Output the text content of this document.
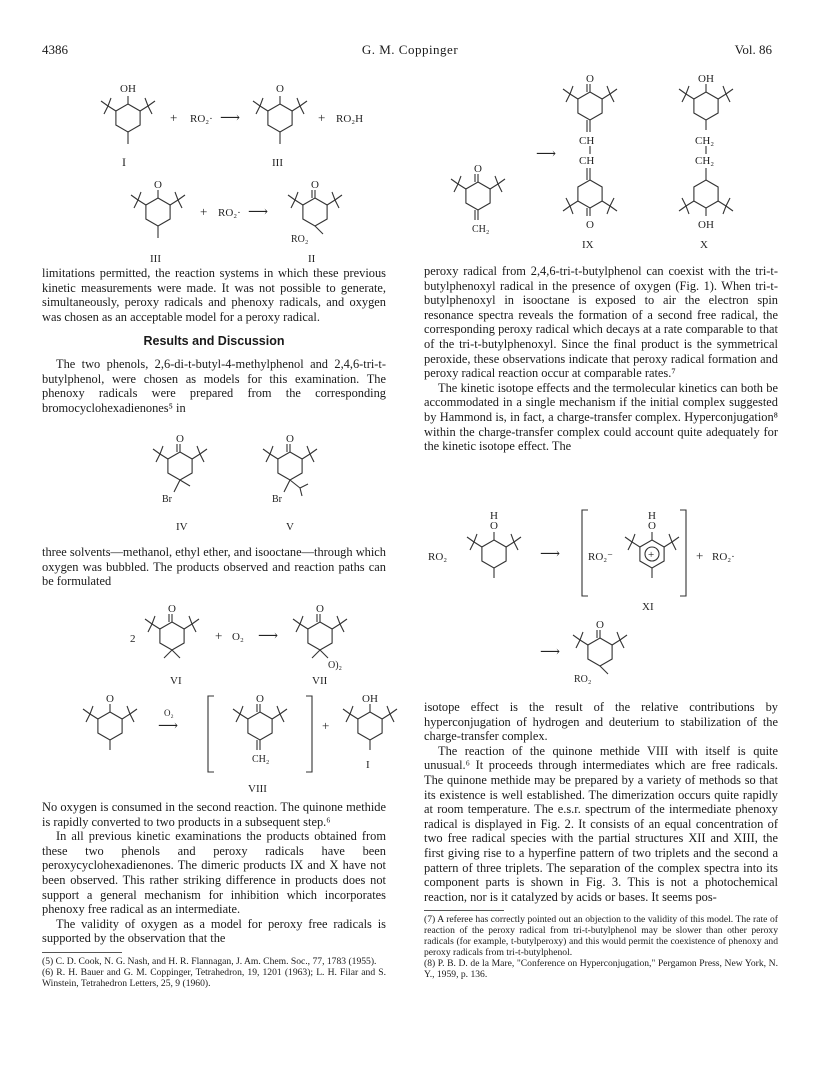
4386	G. M. Coppinger	Vol. 86
OH
+ RO₂· ⟶
O
+ RO₂H
I	III
O
+ RO₂· ⟶
O
RO₂
III	II

limitations permitted, the reaction systems in which these previous kinetic measurements were made. It was not possible to generate, simultaneously, peroxy radicals and phenoxy radicals, and oxygen was chosen as an acceptable model for a peroxy radical.

Results and Discussion

The two phenols, 2,6-di-t-butyl-4-methylphenol and 2,4,6-tri-t-butylphenol, were chosen as models for this examination. The phenoxy radicals were prepared from the corresponding bromocyclohexadienones⁵ in

O
Br
O
Br
IV	V

three solvents—methanol, ethyl ether, and isooctane—through which oxygen was bubbled. The products observed and reaction paths can be formulated

2
O
+ O₂ ⟶
O
O)₂
VI	VII
O
O₂
⟶
O
CH₂
+
OH
I
VIII

No oxygen is consumed in the second reaction. The quinone methide is rapidly converted to two products in a subsequent step.⁶

In all previous kinetic examinations the products obtained from these two phenols and peroxy radicals have been peroxycyclohexadienones. The dimeric products IX and X have not been observed. This rather striking difference in products does not support a general mechanism for inhibition which incorporates phenoxy free radical as an intermediate.

The validity of oxygen as a model for peroxy free radicals is supported by the observation that the

(5) C. D. Cook, N. G. Nash, and H. R. Flannagan, J. Am. Chem. Soc., 77, 1783 (1955).
(6) R. H. Bauer and G. M. Coppinger, Tetrahedron, 19, 1201 (1963); L. H. Filar and S. Winstein, Tetrahedron Letters, 25, 9 (1960).
O
CH₂
⟶
O
CH
CH
O
OH
CH₂
CH₂
OH
IX	X

peroxy radical from 2,4,6-tri-t-butylphenol can coexist with the tri-t-butylphenoxyl radical in the presence of oxygen (Fig. 1). When tri-t-butylphenoxyl in isooctane is exposed to air the electron spin resonance spectra reveals the formation of a second free radical, the corresponding peroxy radical which decays at a rate comparable to that of the tri-t-butylphenoxyl. Since the final product is the symmetrical peroxide, these observations indicate that peroxy radical formation and peroxy radical reaction occur at comparable rates.⁷

The kinetic isotope effects and the termolecular kinetics can both be accommodated in a single mechanism if the initial complex suggested by Hammond is, in fact, a charge-transfer complex. Hyperconjugation⁸ within the charge-transfer complex could account quite adequately for the kinetic isotope effect. The

RO₂
O
H
⟶	RO₂⁻	+
O
H
+ RO₂·
XI
⟶
O
RO₂

isotope effect is the result of the relative contributions by hyperconjugation of hydrogen and deuterium to stabilization of the charge-transfer complex.

The reaction of the quinone methide VIII with itself is quite unusual.⁶ It proceeds through intermediates which are free radicals. The quinone methide may be prepared by a variety of methods so that its existence is well established. The dimerization occurs quite rapidly at room temperature. The e.s.r. spectrum of the intermediate phenoxy radical is displayed in Fig. 2. It consists of an equal concentration of two free radical species with the partial structures XII and XIII, the first giving rise to a hyperfine pattern of two triplets and the second a pattern of three triplets. The separation of the complex spectra into its component parts is shown in Fig. 3. This is not a photochemical reaction, nor is it catalyzed by acids or bases. It seems pos-

(7) A referee has correctly pointed out an objection to the validity of this model. The rate of reaction of the peroxy radical from tri-t-butylphenol may be slower than other peroxy radicals (for example, t-butylperoxy) and this would permit the coexistence of phenoxy and peroxy radicals from tri-t-butylphenol.
(8) P. B. D. de la Mare, "Conference on Hyperconjugation," Pergamon Press, New York, N. Y., 1959, p. 136.
